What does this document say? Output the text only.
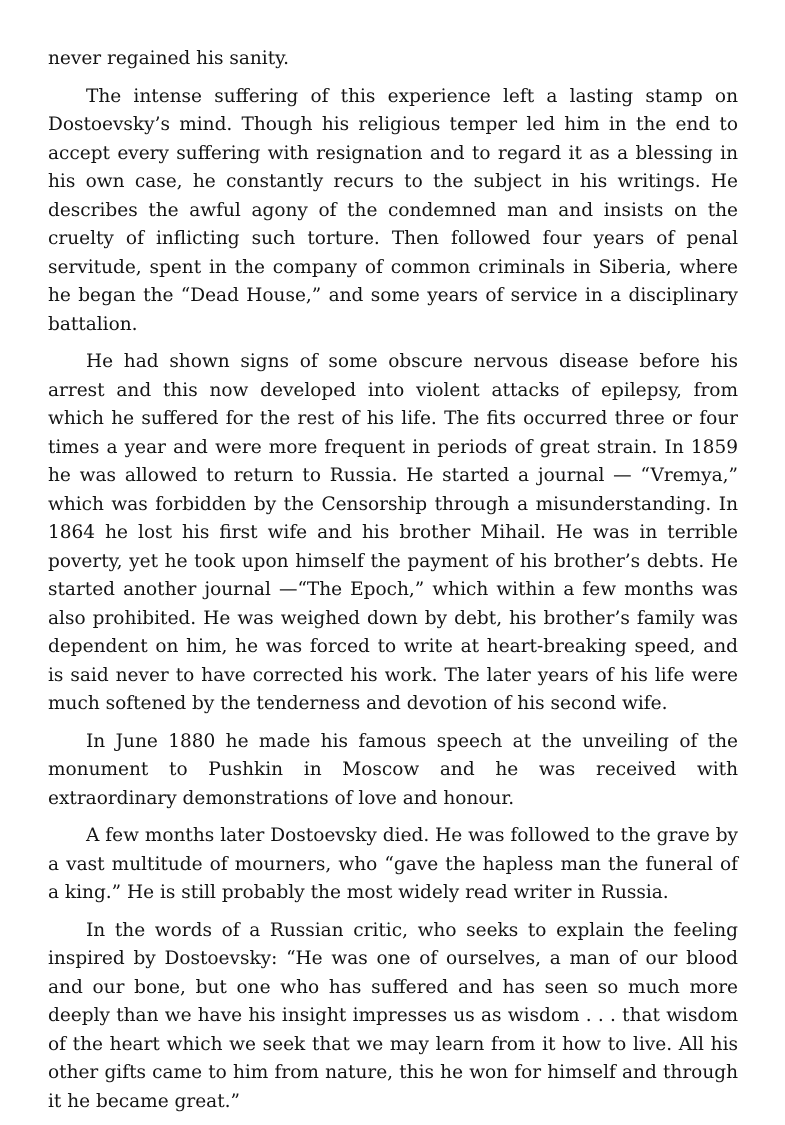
never regained his sanity.

The intense suffering of this experience left a lasting stamp on Dostoevsky’s mind. Though his religious temper led him in the end to accept every suffering with resignation and to regard it as a blessing in his own case, he constantly recurs to the subject in his writings. He describes the awful agony of the condemned man and insists on the cruelty of inflicting such torture. Then followed four years of penal servitude, spent in the company of common criminals in Siberia, where he began the “Dead House,” and some years of service in a disciplinary battalion.

He had shown signs of some obscure nervous disease before his arrest and this now developed into violent attacks of epilepsy, from which he suffered for the rest of his life. The fits occurred three or four times a year and were more frequent in periods of great strain. In 1859 he was allowed to return to Russia. He started a journal — “Vremya,” which was forbidden by the Censorship through a misunderstanding. In 1864 he lost his first wife and his brother Mihail. He was in terrible poverty, yet he took upon himself the payment of his brother’s debts. He started another journal —“The Epoch,” which within a few months was also prohibited. He was weighed down by debt, his brother’s family was dependent on him, he was forced to write at heart-breaking speed, and is said never to have corrected his work. The later years of his life were much softened by the tenderness and devotion of his second wife.

In June 1880 he made his famous speech at the unveiling of the monument to Pushkin in Moscow and he was received with extraordinary demonstrations of love and honour.

A few months later Dostoevsky died. He was followed to the grave by a vast multitude of mourners, who “gave the hapless man the funeral of a king.” He is still probably the most widely read writer in Russia.

In the words of a Russian critic, who seeks to explain the feeling inspired by Dostoevsky: “He was one of ourselves, a man of our blood and our bone, but one who has suffered and has seen so much more deeply than we have his insight impresses us as wisdom . . . that wisdom of the heart which we seek that we may learn from it how to live. All his other gifts came to him from nature, this he won for himself and through it he became great.”
